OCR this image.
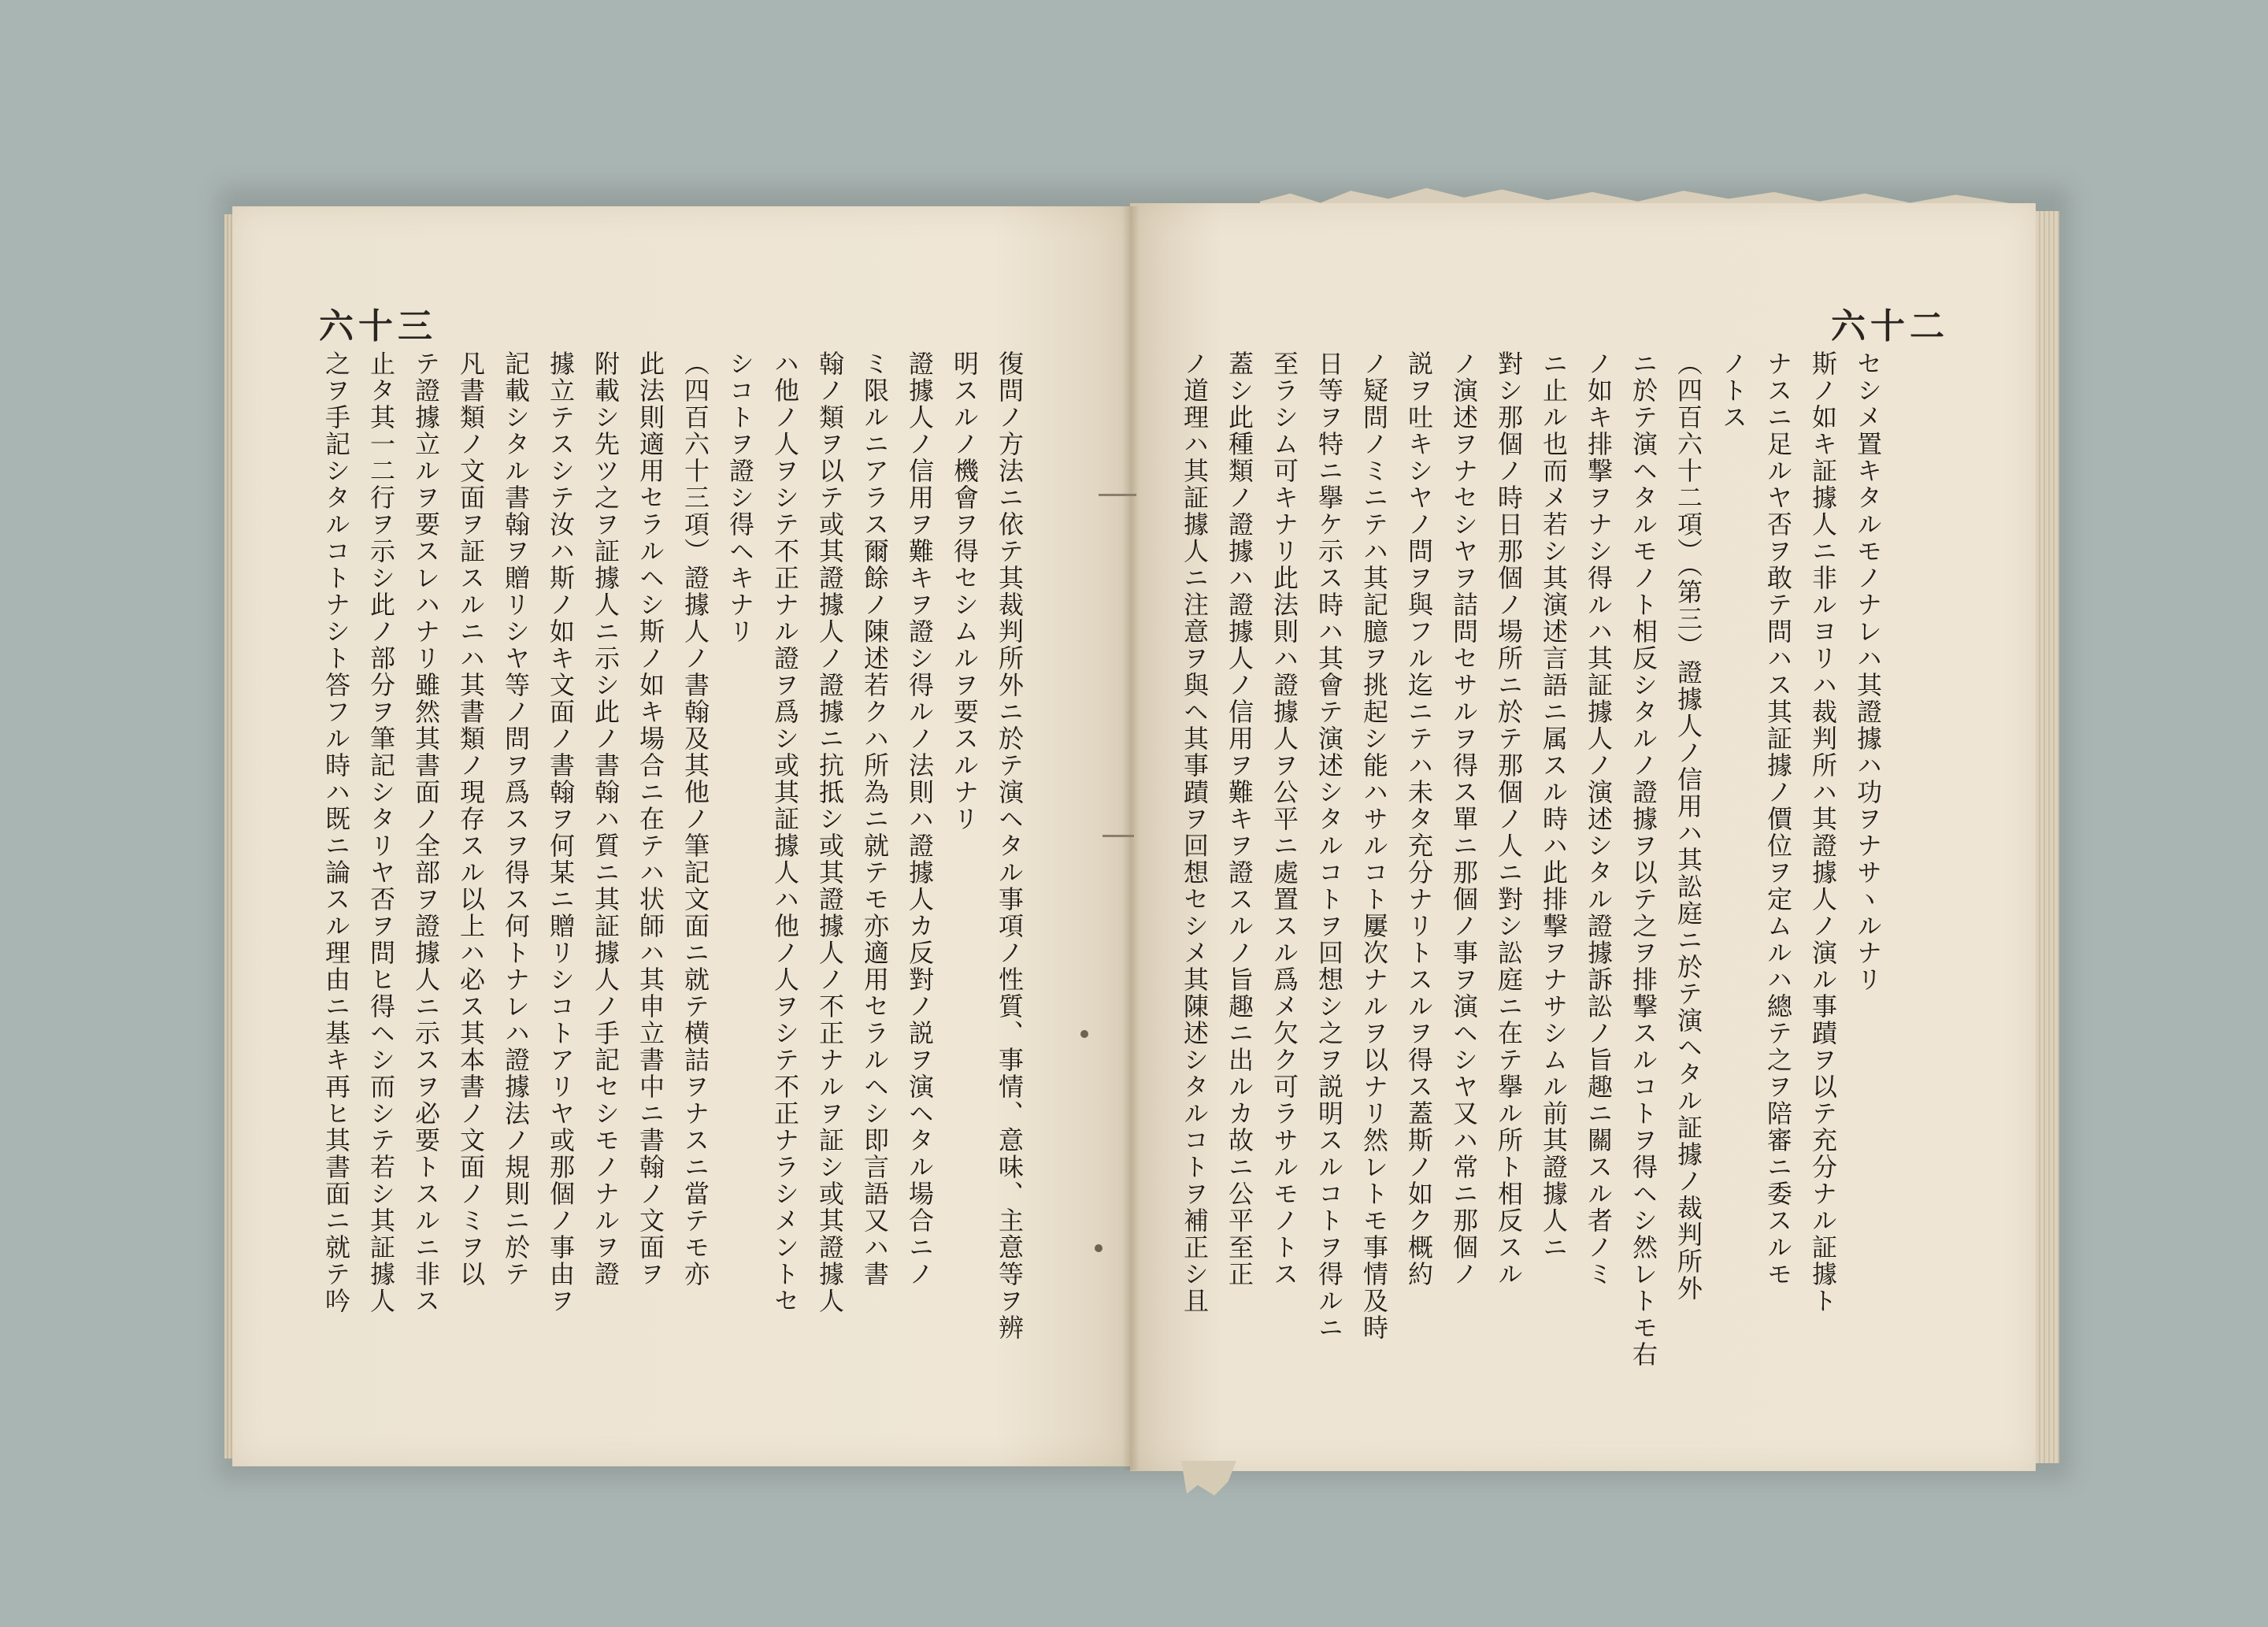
六十三	六十二
復問ノ方法ニ依テ其裁判所外ニ於テ演ヘタル事項ノ性質、事情、意味、主意等ヲ辨
明スルノ機會ヲ得セシムルヲ要スルナリ
證據人ノ信用ヲ難キヲ證シ得ルノ法則ハ證據人カ反對ノ説ヲ演ヘタル場合ニノ
ミ限ルニアラス爾餘ノ陳述若クハ所為ニ就テモ亦適用セラルヘシ即言語又ハ書
翰ノ類ヲ以テ或其證據人ノ證據ニ抗抵シ或其證據人ノ不正ナルヲ証シ或其證據人
ハ他ノ人ヲシテ不正ナル證ヲ爲シ或其証據人ハ他ノ人ヲシテ不正ナラシメントセ
シコトヲ證シ得ヘキナリ
（四百六十三項）證據人ノ書翰及其他ノ筆記文面ニ就テ横詰ヲナスニ當テモ亦
此法則適用セラルヘシ斯ノ如キ場合ニ在テハ状師ハ其申立書中ニ書翰ノ文面ヲ
附載シ先ツ之ヲ証據人ニ示シ此ノ書翰ハ質ニ其証據人ノ手記セシモノナルヲ證
據立テスシテ汝ハ斯ノ如キ文面ノ書翰ヲ何某ニ贈リシコトアリヤ或那個ノ事由ヲ
記載シタル書翰ヲ贈リシヤ等ノ問ヲ爲スヲ得ス何トナレハ證據法ノ規則ニ於テ
凡書類ノ文面ヲ証スルニハ其書類ノ現存スル以上ハ必ス其本書ノ文面ノミヲ以
テ證據立ルヲ要スレハナリ雖然其書面ノ全部ヲ證據人ニ示スヲ必要トスルニ非ス
止タ其一二行ヲ示シ此ノ部分ヲ筆記シタリヤ否ヲ問ヒ得ヘシ而シテ若シ其証據人
之ヲ手記シタルコトナシト答フル時ハ既ニ論スル理由ニ基キ再ヒ其書面ニ就テ吟	セシメ置キタルモノナレハ其證據ハ功ヲナサヽルナリ
斯ノ如キ証據人ニ非ルヨリハ裁判所ハ其證據人ノ演ル事蹟ヲ以テ充分ナル証據ト
ナスニ足ルヤ否ヲ敢テ問ハス其証據ノ價位ヲ定ムルハ總テ之ヲ陪審ニ委スルモ
ノトス
（四百六十二項）（第三）證據人ノ信用ハ其訟庭ニ於テ演ヘタル証據ノ裁判所外
ニ於テ演ヘタルモノト相反シタルノ證據ヲ以テ之ヲ排撃スルコトヲ得ヘシ然レトモ右
ノ如キ排撃ヲナシ得ルハ其証據人ノ演述シタル證據訴訟ノ旨趣ニ關スル者ノミ
ニ止ル也而メ若シ其演述言語ニ属スル時ハ此排撃ヲナサシムル前其證據人ニ
對シ那個ノ時日那個ノ場所ニ於テ那個ノ人ニ對シ訟庭ニ在テ擧ル所ト相反スル
ノ演述ヲナセシヤヲ詰問セサルヲ得ス單ニ那個ノ事ヲ演ヘシヤ又ハ常ニ那個ノ
説ヲ吐キシヤノ問ヲ與フル迄ニテハ未タ充分ナリトスルヲ得ス蓋斯ノ如ク概約
ノ疑問ノミニテハ其記臆ヲ挑起シ能ハサルコト屢次ナルヲ以ナリ然レトモ事情及時
日等ヲ特ニ擧ケ示ス時ハ其會テ演述シタルコトヲ回想シ之ヲ説明スルコトヲ得ルニ
至ラシム可キナリ此法則ハ證據人ヲ公平ニ處置スル爲メ欠ク可ラサルモノトス
蓋シ此種類ノ證據ハ證據人ノ信用ヲ難キヲ證スルノ旨趣ニ出ルカ故ニ公平至正
ノ道理ハ其証據人ニ注意ヲ與ヘ其事蹟ヲ回想セシメ其陳述シタルコトヲ補正シ且
